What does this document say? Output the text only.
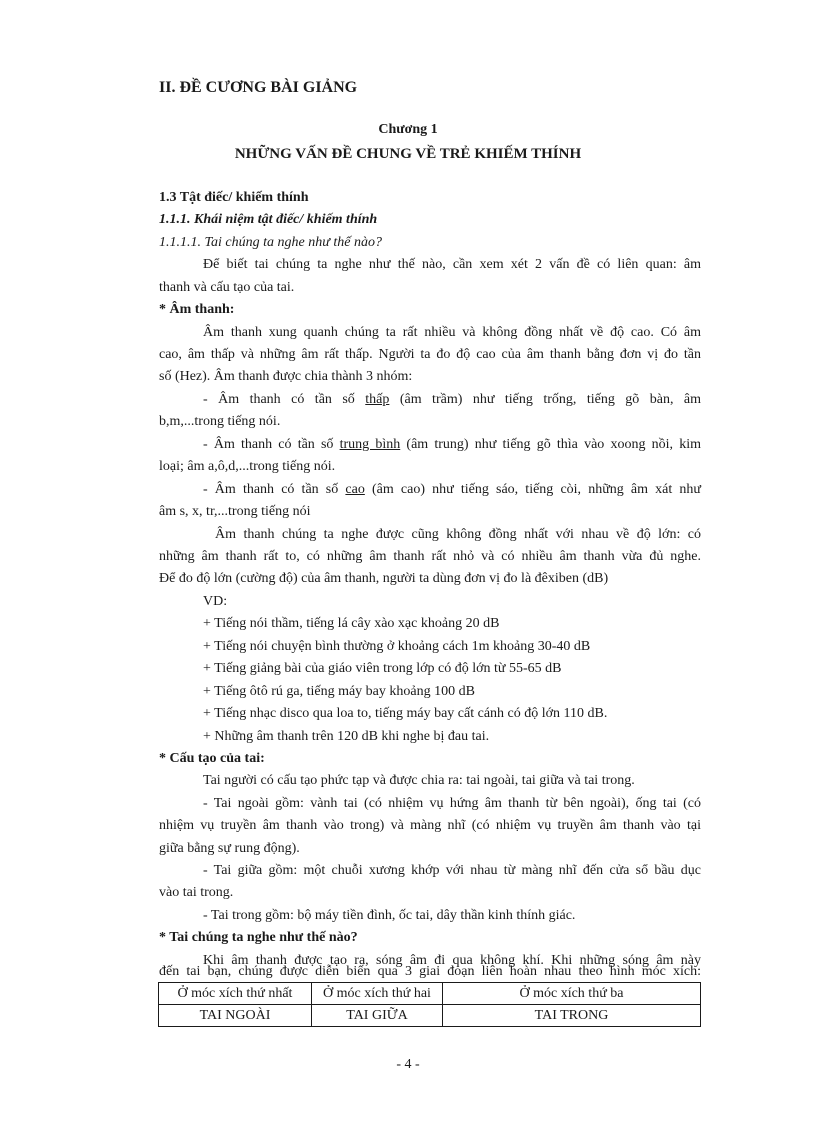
II. ĐỀ CƯƠNG BÀI GIẢNG
Chương 1
NHỮNG VẤN ĐỀ CHUNG VỀ TRẺ KHIẾM THÍNH
1.3 Tật điếc/ khiếm thính
1.1.1. Khái niệm tật điếc/ khiếm thính
1.1.1.1. Tai chúng ta nghe như thế nào?
Để biết tai chúng ta nghe như thế nào, cần xem xét 2 vấn đề có liên quan: âm
thanh và cấu tạo của tai.
* Âm thanh:
Âm thanh xung quanh chúng ta rất nhiều và không đồng nhất về độ cao. Có âm
cao, âm thấp và những âm rất thấp. Người ta đo độ cao của âm thanh bằng đơn vị đo tần
số (Hez). Âm thanh được chia thành 3 nhóm:
- Âm thanh có tần số thấp (âm trầm) như tiếng trống, tiếng gõ bàn, âm
b,m,...trong tiếng nói.
- Âm thanh có tần số trung bình (âm trung) như tiếng gõ thìa vào xoong nồi, kim
loại; âm a,ô,d,...trong tiếng nói.
- Âm thanh có tần số cao (âm cao) như tiếng sáo, tiếng còi, những âm xát như
âm s, x, tr,...trong tiếng nói
Âm thanh chúng ta nghe được cũng không đồng nhất với nhau về độ lớn: có
những âm thanh rất to, có những âm thanh rất nhỏ và có nhiều âm thanh vừa đủ nghe.
Để đo độ lớn (cường độ) của âm thanh, người ta dùng đơn vị đo là đêxiben (dB)
VD:
+ Tiếng nói thầm, tiếng lá cây xào xạc khoảng 20 dB
+ Tiếng nói chuyện bình thường ở khoảng cách 1m khoảng 30-40 dB
+ Tiếng giảng bài của giáo viên trong lớp có độ lớn từ 55-65 dB
+ Tiếng ôtô rú ga, tiếng máy bay khoảng 100 dB
+ Tiếng nhạc disco qua loa to, tiếng máy bay cất cánh có độ lớn 110 dB.
+ Những âm thanh trên 120 dB khi nghe bị đau tai.
* Cấu tạo của tai:
Tai người có cấu tạo phức tạp và được chia ra: tai ngoài, tai giữa và tai trong.
- Tai ngoài gồm: vành tai (có nhiệm vụ hứng âm thanh từ bên ngoài), ống tai (có
nhiệm vụ truyền âm thanh vào trong) và màng nhĩ (có nhiệm vụ truyền âm thanh vào tại
giữa bằng sự rung động).
- Tai giữa gồm: một chuỗi xương khớp với nhau từ màng nhĩ đến cửa sổ bầu dục
vào tai trong.
- Tai trong gồm: bộ máy tiền đình, ốc tai, dây thần kinh thính giác.
* Tai chúng ta nghe như thế nào?
Khi âm thanh được tạo ra, sóng âm đi qua không khí. Khi những sóng âm này
Ở móc xích thứ nhất	Ở móc xích thứ hai	Ở móc xích thứ ba
TAI NGOÀI	TAI GIỮA	TAI TRONG
- 4 -
đến tai bạn, chúng được diễn biến qua 3 giai đoạn liên hoàn nhau theo hình móc xích:
